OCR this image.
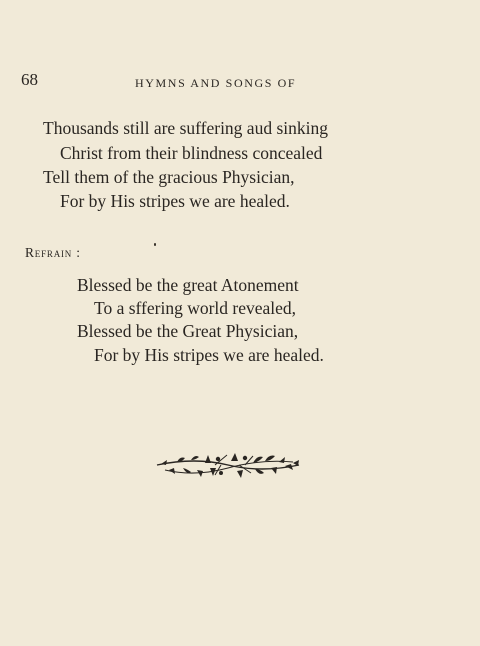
68	HYMNS AND SONGS OF
Thousands still are suffering aud sinking
Christ from their blindness concealed
Tell them of the gracious Physician,
For by His stripes we are healed.
Refrain :
Blessed be the great Atonement
To a sffering world revealed,
Blessed be the Great Physician,
For by His stripes we are healed.
